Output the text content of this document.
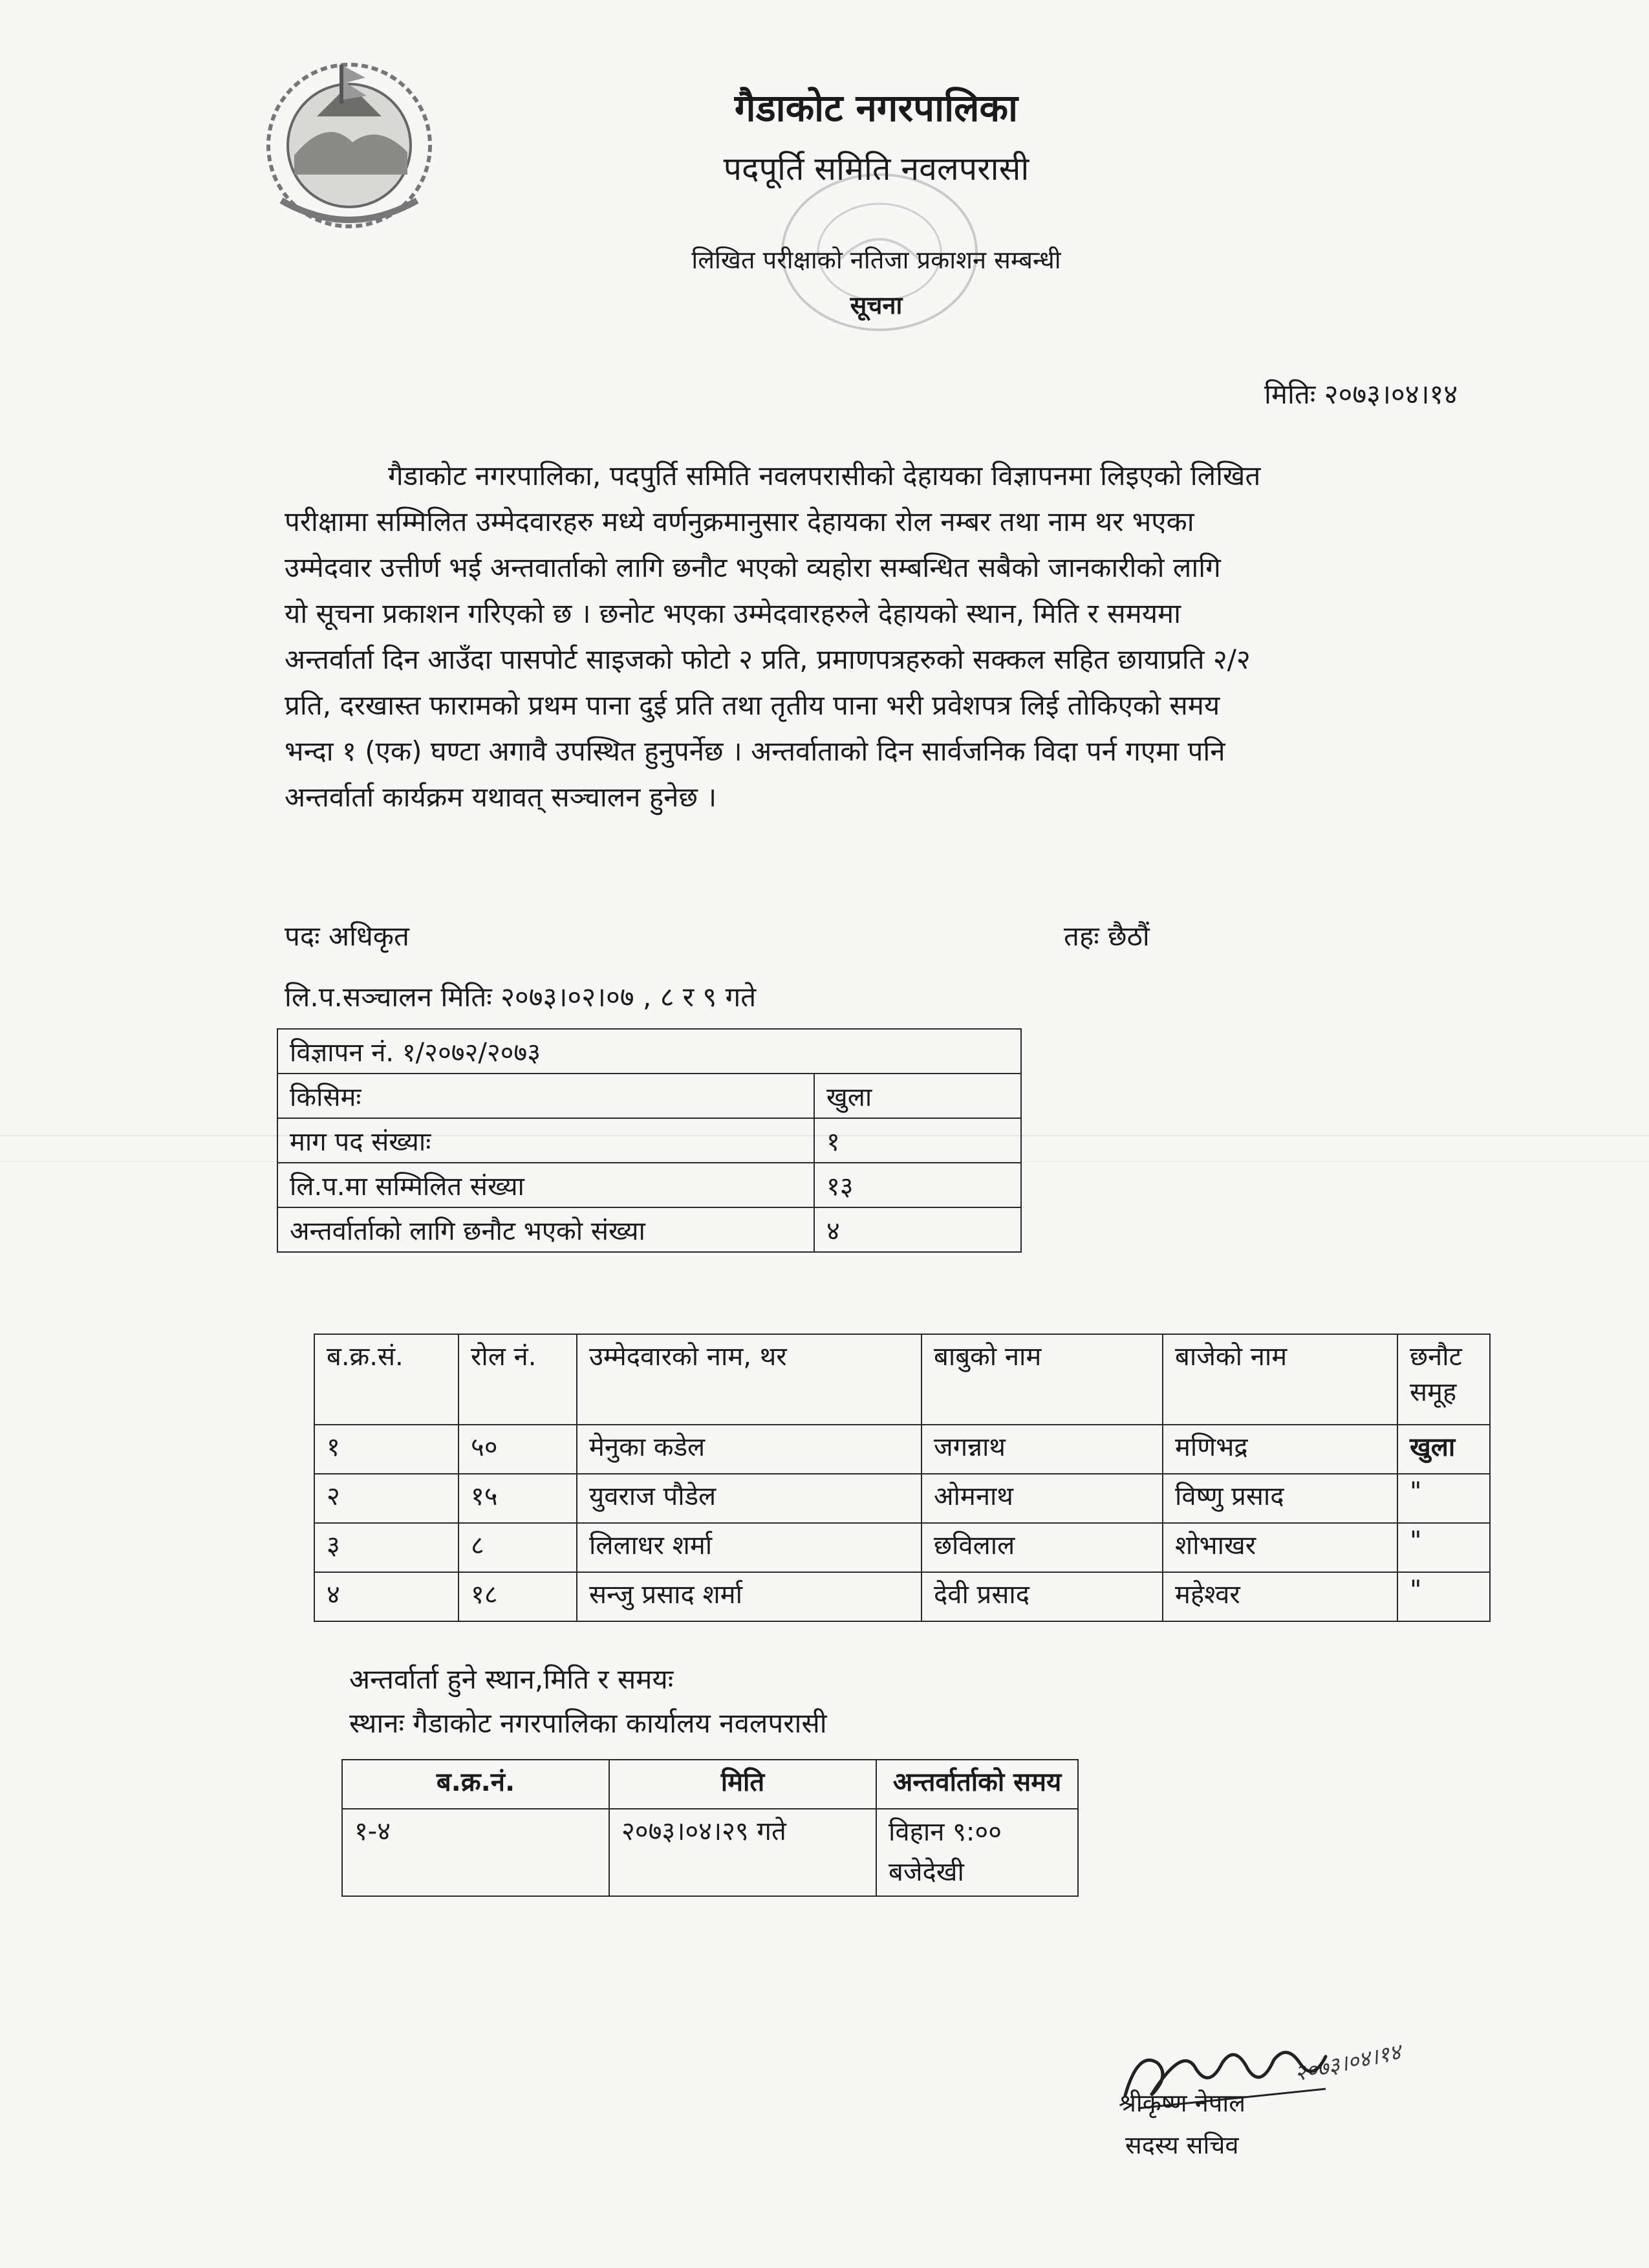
गैडाकोट नगरपालिका
पदपूर्ति समिति नवलपरासी
लिखित परीक्षाको नतिजा प्रकाशन सम्बन्धी
सूचना
मितिः २०७३।०४।१४
गैडाकोट नगरपालिका, पदपुर्ति समिति नवलपरासीको देहायका विज्ञापनमा लिइएको लिखित
परीक्षामा सम्मिलित उम्मेदवारहरु मध्ये वर्णनुक्रमानुसार देहायका रोल नम्बर तथा नाम थर भएका
उम्मेदवार उत्तीर्ण भई अन्तवार्ताको लागि छनौट भएको व्यहोरा सम्बन्धित सबैको जानकारीको लागि
यो सूचना प्रकाशन गरिएको छ । छनोट भएका उम्मेदवारहरुले देहायको स्थान, मिति र समयमा
अन्तर्वार्ता दिन आउँदा पासपोर्ट साइजको फोटो २ प्रति, प्रमाणपत्रहरुको सक्कल सहित छायाप्रति २/२
प्रति, दरखास्त फारामको प्रथम पाना दुई प्रति तथा तृतीय पाना भरी प्रवेशपत्र लिई तोकिएको समय
भन्दा १ (एक) घण्टा अगावै उपस्थित हुनुपर्नेछ । अन्तर्वाताको दिन सार्वजनिक विदा पर्न गएमा पनि
अन्तर्वार्ता कार्यक्रम यथावत् सञ्चालन हुनेछ ।
पदः अधिकृत	तहः छैठौं
लि.प.सञ्चालन मितिः २०७३।०२।०७ , ८ र ९ गते
विज्ञापन नं. १/२०७२/२०७३	
किसिमः	खुला
माग पद संख्याः	१
लि.प.मा सम्मिलित संख्या	१३
अन्तर्वार्ताको लागि छनौट भएको संख्या	४
ब.क्र.सं.	रोल नं.	उम्मेदवारको नाम, थर	बाबुको नाम	बाजेको नाम	छनौट समूह
१	५०	मेनुका कडेल	जगन्नाथ	मणिभद्र	खुला
२	१५	युवराज पौडेल	ओमनाथ	विष्णु प्रसाद	"
३	८	लिलाधर शर्मा	छविलाल	शोभाखर	"
४	१८	सन्जु प्रसाद शर्मा	देवी प्रसाद	महेश्वर	"
अन्तर्वार्ता हुने स्थान,मिति र समयः
स्थानः गैडाकोट नगरपालिका कार्यालय नवलपरासी
ब.क्र.नं.	मिति	अन्तर्वार्ताको समय
१-४	२०७३।०४।२९ गते	विहान ९:०० बजेदेखी
२०७३।०४।१४
श्रीकृष्ण नेपाल
सदस्य सचिव
